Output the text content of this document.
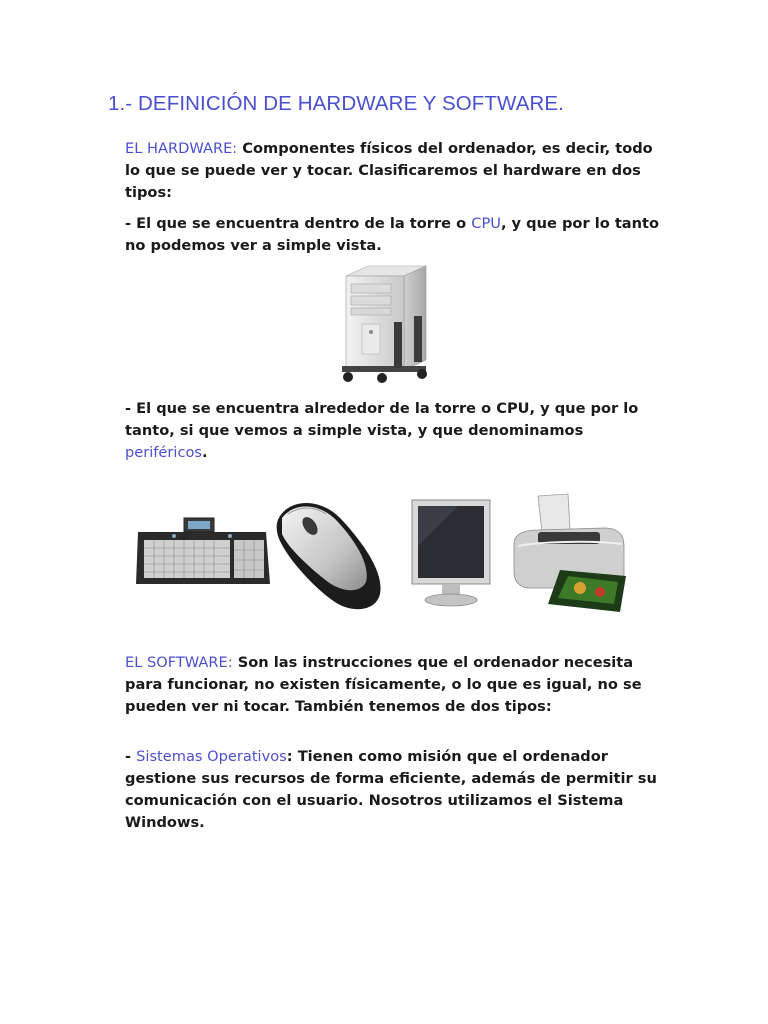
1.- DEFINICIÓN DE HARDWARE Y SOFTWARE.

EL HARDWARE: Componentes físicos del ordenador, es decir, todo lo que se puede ver y tocar. Clasificaremos el hardware en dos tipos:

- El que se encuentra dentro de la torre o CPU, y que por lo tanto no podemos ver a simple vista.

- El que se encuentra alrededor de la torre o CPU, y que por lo tanto, si que vemos a simple vista, y que denominamos periféricos.

EL SOFTWARE: Son las instrucciones que el ordenador necesita para funcionar, no existen físicamente, o lo que es igual, no se pueden ver ni tocar. También tenemos de dos tipos:

- Sistemas Operativos: Tienen como misión que el ordenador gestione sus recursos de forma eficiente, además de permitir su comunicación con el usuario. Nosotros utilizamos el Sistema Windows.
